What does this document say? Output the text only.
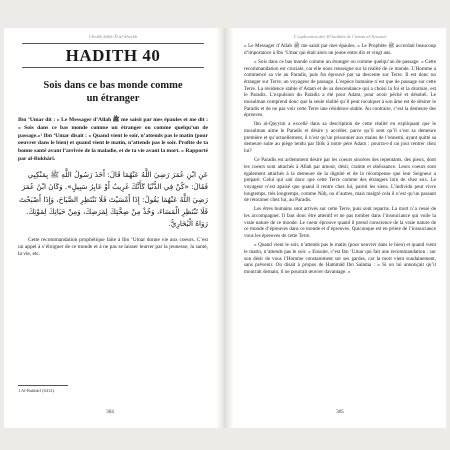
Cheikh Sâlih Âl al-Sheykh
HADITH 40
Sois dans ce bas monde comme un étranger

Ibn ‘Umar dit : « Le Messager d’Allah ﷺ me saisit par mes épaules et me dit : « Sois dans ce bas monde comme un étranger ou comme quelqu’un de passage.»¹ Ibn ‘Umar disait : « Quand vient le soir, n’attends pas le matin (pour oeuvrer dans le bien) et quand vient le matin, n’attends pas le soir. Profite de ta bonne santé avant l’arrivée de la maladie, et de ta vie avant la mort. » Rapporté par al-Bukhârî.

عَنِ ابْنِ عُمَرَ رَضِيَ اللَّهُ عَنْهُمَا قَالَ: أَخَذَ رَسُولُ اللَّهِ ﷺ بِمَنْكِبِي فَقَالَ: «كُنْ فِي الدُّنْيَا كَأَنَّكَ غَرِيبٌ أَوْ عَابِرُ سَبِيلٍ». وَكَانَ ابْنُ عُمَرَ رَضِيَ اللَّهُ عَنْهُمَا يَقُولُ: إِذَا أَمْسَيْتَ فَلَا تَنْتَظِرِ الصَّبَاحَ، وَإِذَا أَصْبَحْتَ فَلَا تَنْتَظِرِ الْمَسَاءَ، وَخُذْ مِنْ صِحَّتِكَ لِمَرَضِكَ، وَمِنْ حَيَاتِكَ لِمَوْتِكَ. رَوَاهُ الْبُخَارِيُّ.

Cette recommandation prophétique faite à Ibn ‘Umar donne vie aux coeurs. C’est un appel à s’éloigner de ce monde et à ne pas se laisser leurrer par la jeunesse, la santé, la vie, etc.

1 Al-Bukhârî (6412).
304
L’explication des 40 hadiths de l’imam al-Nawawî

« Le Messager d’Allah ﷺ me saisit par mes épaules. » Le Prophète ﷺ accordait beaucoup d’importance à Ibn ‘Umar qui était alors un jeune entre dix et vingt ans.

« Sois dans ce bas monde comme un étranger ou comme quelqu’un de passage. » Cette recommandation est cruciale, car elle nous renseigne sur la réalité de ce monde. L’Homme a commencé sa vie au Paradis, puis fut éprouvé par sa descente sur Terre. Il est donc un étranger sur Terre, un voyageur de passage. L’espèce humaine n’est que de passage sur cette Terre. La résidence stable d’Adam et de sa descendance qui a choisi la foi et la droiture, est le Paradis. L’expulsion du Paradis a été pour Adam, pour avoir péché et désobéi. Le musulman comprend donc que la seule réalité qu’il peut inculquer à son âme est de désirer le Paradis et de ne pas voir cette Terre une résidence stable. Au contraire, c’est la demeure des épreuves.

Ibn al-Qayyim a excellé dans sa description de cette réalité en expliquant que le musulman aime le Paradis et désire y accéder, parce qu’il sent qu’il s’est sa demeure première et qu’actuellement, il n’est qu’un prisonnier aux mains de l’ennemi, ayant quitté sa demeure suite au piège tendu par Iblîs à notre père Adam : pourra-t-il un jour rentrer chez lui?

Ce Paradis est ardemment désiré par les coeurs sincères des repentants, des pieux, dont les coeurs sont attachés à Allah par amour, désir, crainte et obéissance. Leurs coeurs sont également attachés à la demeure de la dignité et de la récompense que leur Seigneur a préparé. Celui qui sait donc que cette Terre comme des étrangers loin de chez eux. Le voyageur n’est apaisé que quand il rentre chez lui, parmi les siens. L’individu peut vivre longtemps, très longtemps, comme Nûḥ, ou d’autres, mais malgré cela il n’est qu’un passant de retourner chez lui, au Paradis.

Les êtres humains sont arrivés sur cette Terre, puis sont repartis. La mort n’a cessé de les accompagner. Il faut donc être attentif et ne pas tomber dans l’insouciance qui voile la vraie nature de ce monde. Le coeur éprouve quand il prend conscience de la vraie nature de ce monde d’épreuves dans ce monde et d’épreuves. Quiconque est en prière de l’insouciance vous les épreuves de cette Terre.

« Quand vient le soir, n’attends pas le matin (pour oeuvrer dans le bien) et quand vient le matin, n’attends pas le soir. » Ensuite, c’est Ibn ‘Umar qui fait une recommandation : sur son désir de vous l’Homme constamment sur ses gardes, car la mort vient soudainement, sans prévenir. On disait à propos de Hammâd Ibn Salama : « Si on lui annonçait qu’il mourrait demain, il ne pourrait œuvrer davantage. »

305
